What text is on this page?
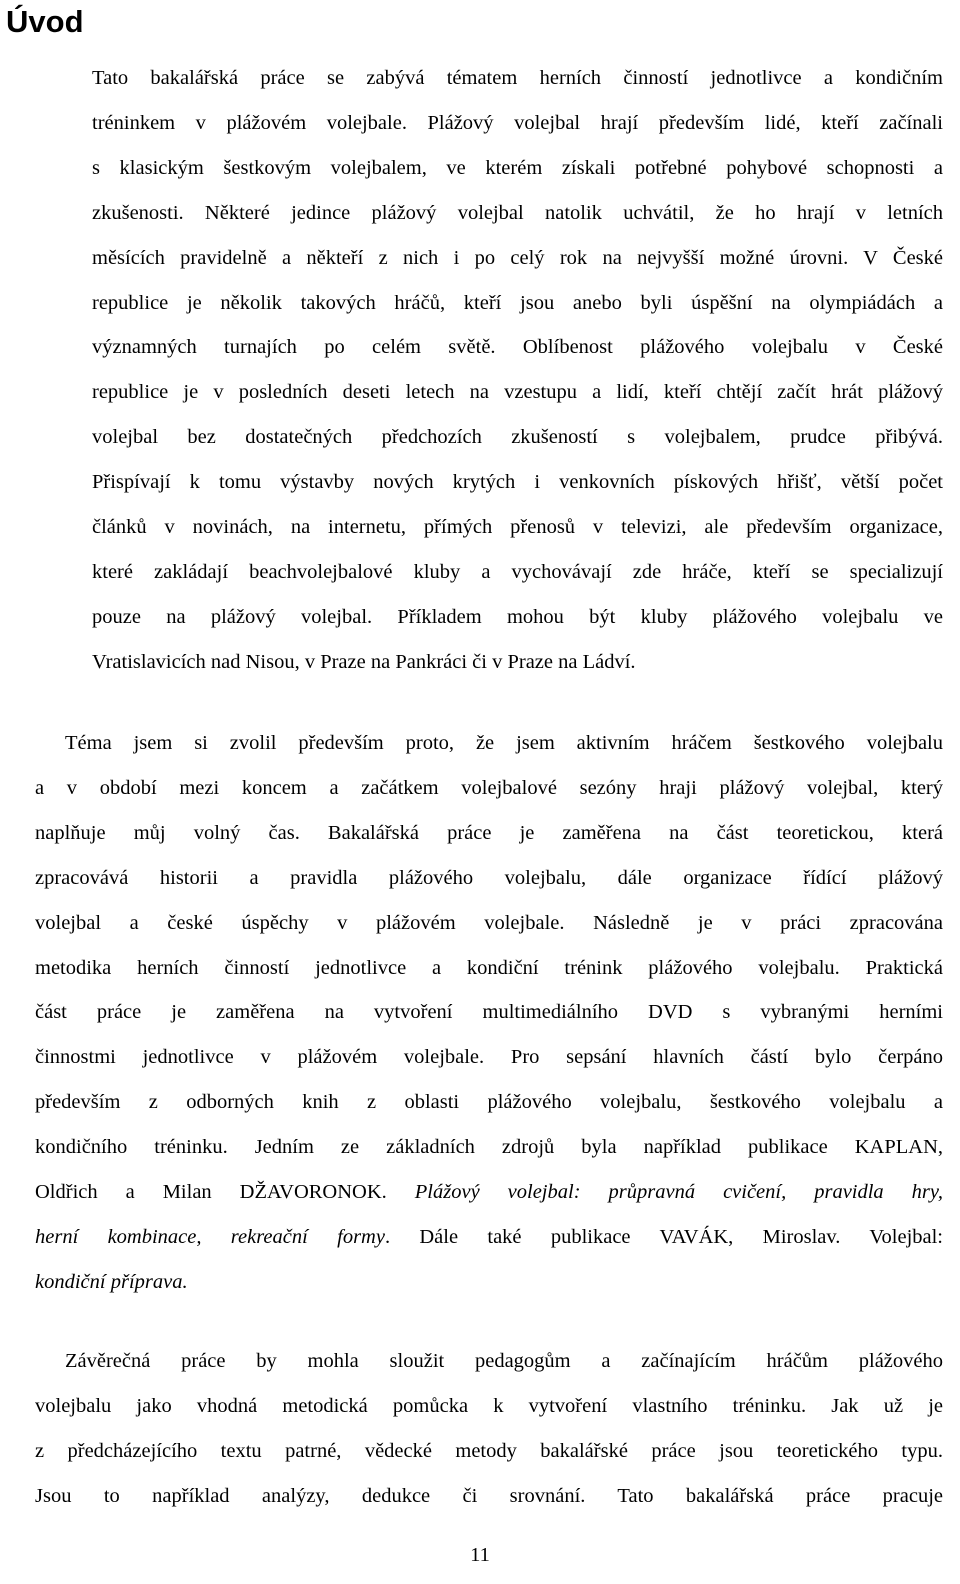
Úvod
Tato bakalářská práce se zabývá tématem herních činností jednotlivce a kondičním
tréninkem v plážovém volejbale. Plážový volejbal hrají především lidé, kteří začínali
s klasickým šestkovým volejbalem, ve kterém získali potřebné pohybové schopnosti a
zkušenosti. Některé jedince plážový volejbal natolik uchvátil, že ho hrají v letních
měsících pravidelně a někteří z nich i po celý rok na nejvyšší možné úrovni. V České
republice je několik takových hráčů, kteří jsou anebo byli úspěšní na olympiádách a
významných turnajích po celém světě. Oblíbenost plážového volejbalu v České
republice je v posledních deseti letech na vzestupu a lidí, kteří chtějí začít hrát plážový
volejbal bez dostatečných předchozích zkušeností s volejbalem, prudce přibývá.
Přispívají k tomu výstavby nových krytých i venkovních pískových hřišť, větší počet
článků v novinách, na internetu, přímých přenosů v televizi, ale především organizace,
které zakládají beachvolejbalové kluby a vychovávají zde hráče, kteří se specializují
pouze na plážový volejbal. Příkladem mohou být kluby plážového volejbalu ve
Vratislavicích nad Nisou, v Praze na Pankráci či v Praze na Ládví.
Téma jsem si zvolil především proto, že jsem aktivním hráčem šestkového volejbalu
a v období mezi koncem a začátkem volejbalové sezóny hraji plážový volejbal, který
naplňuje můj volný čas. Bakalářská práce je zaměřena na část teoretickou, která
zpracovává historii a pravidla plážového volejbalu, dále organizace řídící plážový
volejbal a české úspěchy v plážovém volejbale. Následně je v práci zpracována
metodika herních činností jednotlivce a kondiční trénink plážového volejbalu. Praktická
část práce je zaměřena na vytvoření multimediálního DVD s vybranými herními
činnostmi jednotlivce v plážovém volejbale. Pro sepsání hlavních částí bylo čerpáno
především z odborných knih z oblasti plážového volejbalu, šestkového volejbalu a
kondičního tréninku. Jedním ze základních zdrojů byla například publikace KAPLAN,
Oldřich a Milan DŽAVORONOK. Plážový volejbal: průpravná cvičení, pravidla hry,
herní kombinace, rekreační formy. Dále také publikace VAVÁK, Miroslav. Volejbal:
kondiční příprava.
Závěrečná práce by mohla sloužit pedagogům a začínajícím hráčům plážového
volejbalu jako vhodná metodická pomůcka k vytvoření vlastního tréninku. Jak už je
z předcházejícího textu patrné, vědecké metody bakalářské práce jsou teoretického typu.
Jsou to například analýzy, dedukce či srovnání. Tato bakalářská práce pracuje
11
